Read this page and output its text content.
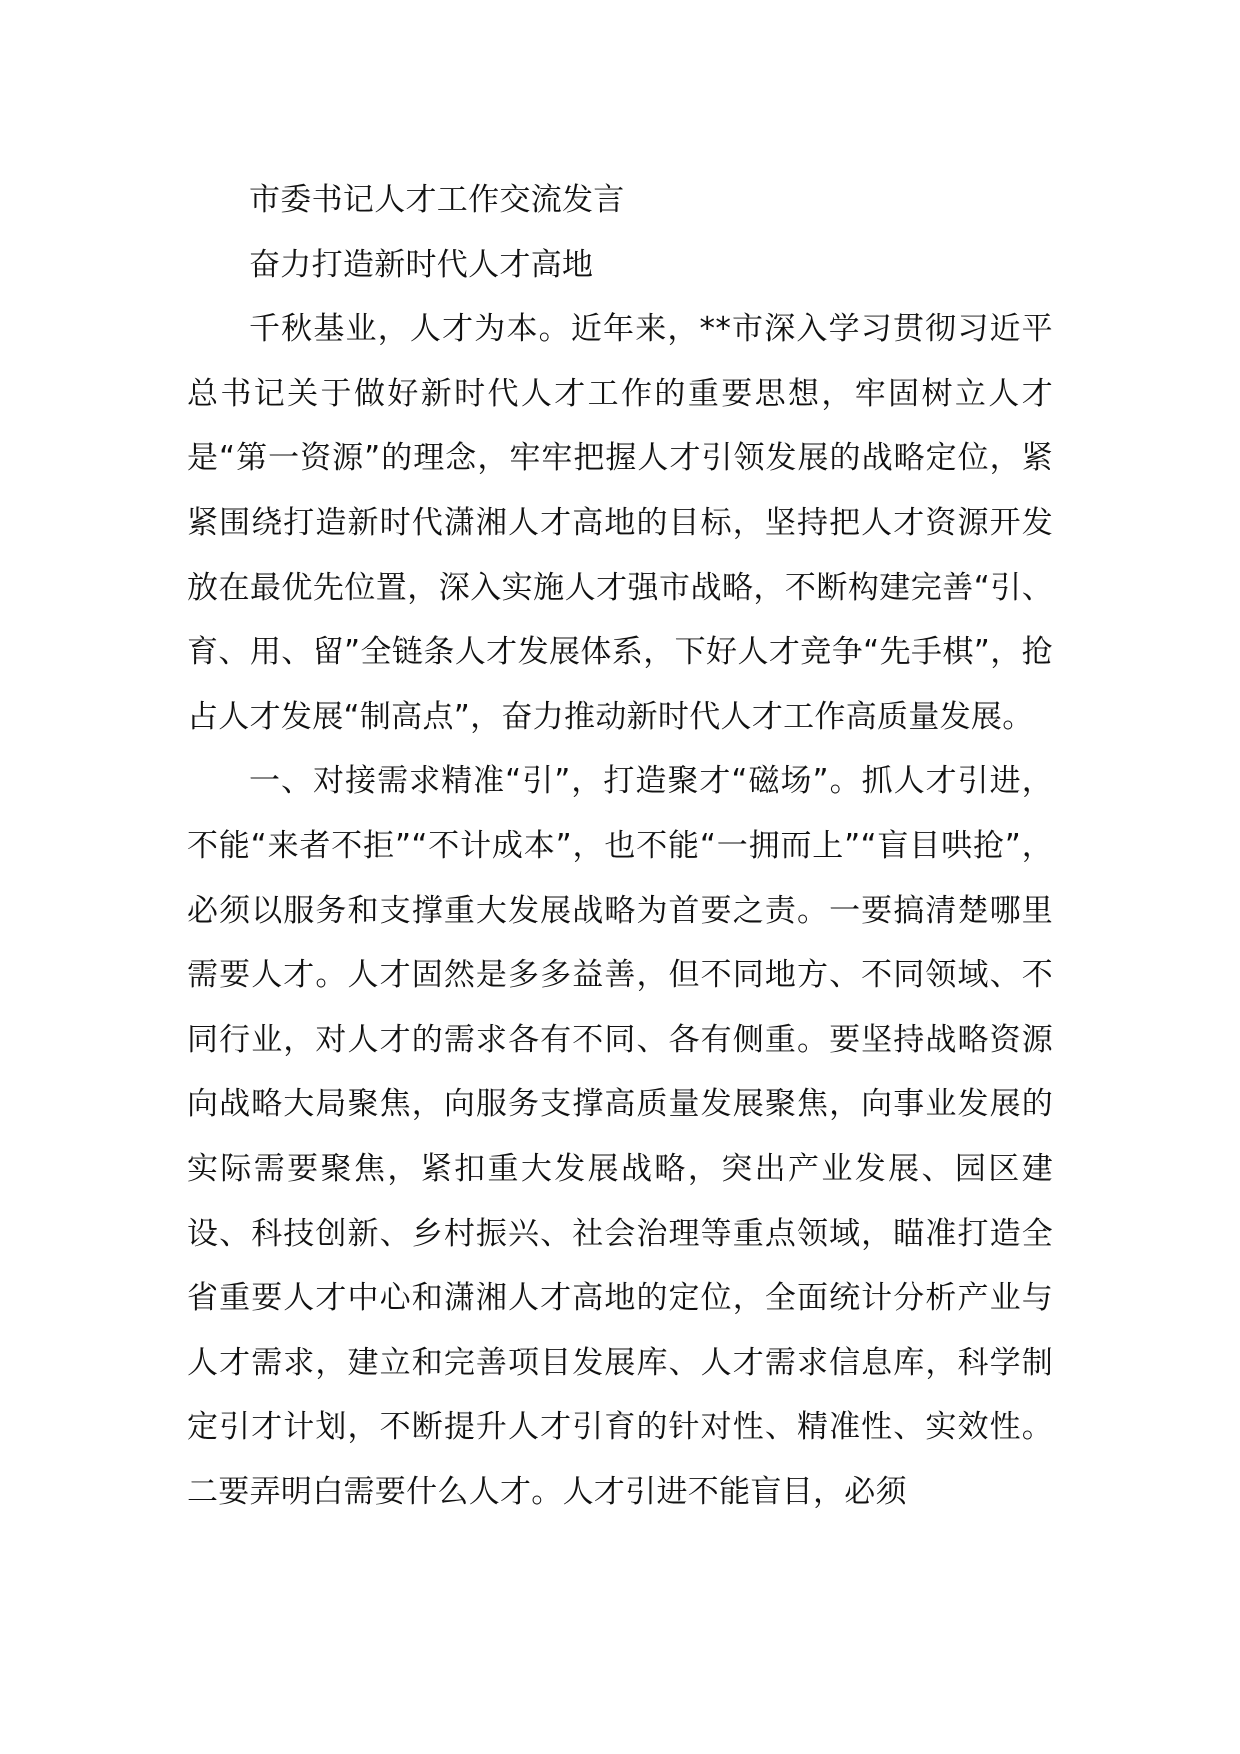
市委书记人才工作交流发言
奋力打造新时代人才高地

千秋基业，人才为本。近年来，**市深入学习贯彻习近平总书记关于做好新时代人才工作的重要思想，牢固树立人才是“第一资源”的理念，牢牢把握人才引领发展的战略定位，紧紧围绕打造新时代潇湘人才高地的目标，坚持把人才资源开发放在最优先位置，深入实施人才强市战略，不断构建完善“引、育、用、留”全链条人才发展体系，下好人才竞争“先手棋”，抢占人才发展“制高点”，奋力推动新时代人才工作高质量发展。

一、对接需求精准“引”，打造聚才“磁场”。抓人才引进，不能“来者不拒”“不计成本”，也不能“一拥而上”“盲目哄抢”，必须以服务和支撑重大发展战略为首要之责。一要搞清楚哪里需要人才。人才固然是多多益善，但不同地方、不同领域、不同行业，对人才的需求各有不同、各有侧重。要坚持战略资源向战略大局聚焦，向服务支撑高质量发展聚焦，向事业发展的实际需要聚焦，紧扣重大发展战略，突出产业发展、园区建设、科技创新、乡村振兴、社会治理等重点领域，瞄准打造全省重要人才中心和潇湘人才高地的定位，全面统计分析产业与人才需求，建立和完善项目发展库、人才需求信息库，科学制定引才计划，不断提升人才引育的针对性、精准性、实效性。二要弄明白需要什么人才。人才引进不能盲目，必须
